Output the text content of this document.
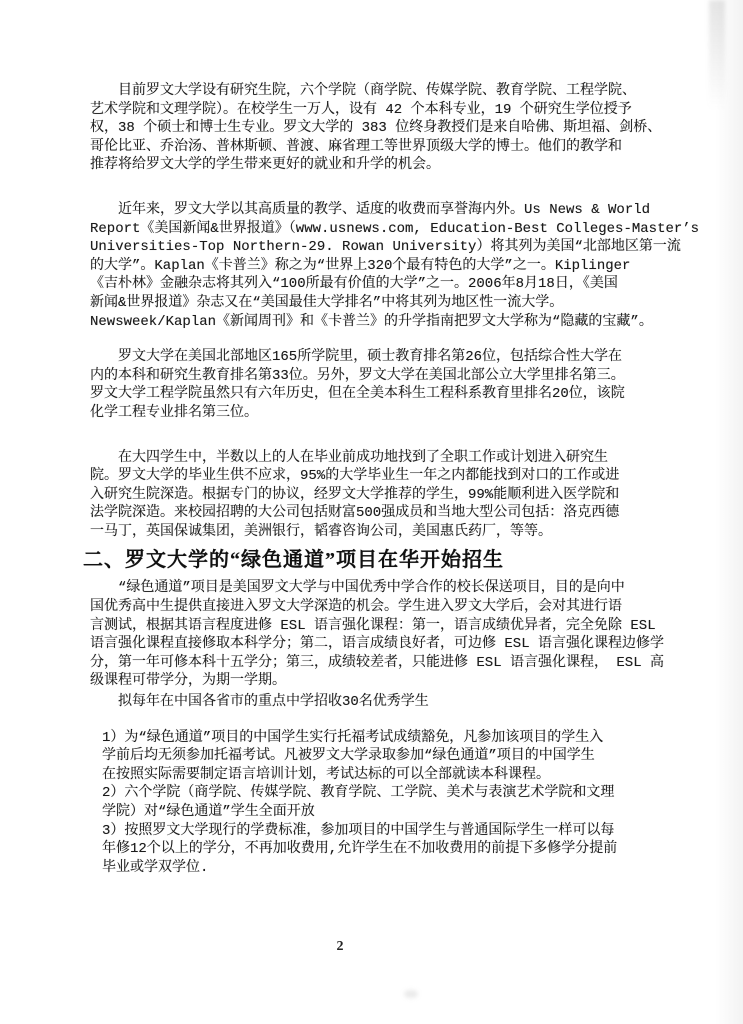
目前罗文大学设有研究生院，六个学院（商学院、传媒学院、教育学院、工程学院、
艺术学院和文理学院）。在校学生一万人，设有 42 个本科专业，19 个研究生学位授予
权，38 个硕士和博士生专业。罗文大学的 383 位终身教授们是来自哈佛、斯坦福、剑桥、
哥伦比亚、乔治汤、普林斯顿、普渡、麻省理工等世界顶级大学的博士。他们的教学和
推荐将给罗文大学的学生带来更好的就业和升学的机会。
近年来，罗文大学以其高质量的教学、适度的收费而享誉海内外。Us News & World
Report《美国新闻&世界报道》（www.usnews.com, Education-Best Colleges-Master’s
Universities-Top Northern-29. Rowan University）将其列为美国“北部地区第一流
的大学”。Kaplan《卡普兰》称之为“世界上320个最有特色的大学”之一。Kiplinger
《吉朴林》金融杂志将其列入“100所最有价值的大学”之一。2006年8月18日，《美国
新闻&世界报道》杂志又在“美国最佳大学排名”中将其列为地区性一流大学。
Newsweek/Kaplan《新闻周刊》和《卡普兰》的升学指南把罗文大学称为“隐藏的宝藏”。
罗文大学在美国北部地区165所学院里，硕士教育排名第26位，包括综合性大学在
内的本科和研究生教育排名第33位。另外，罗文大学在美国北部公立大学里排名第三。
罗文大学工程学院虽然只有六年历史，但在全美本科生工程科系教育里排名20位，该院
化学工程专业排名第三位。
在大四学生中，半数以上的人在毕业前成功地找到了全职工作或计划进入研究生
院。罗文大学的毕业生供不应求，95%的大学毕业生一年之内都能找到对口的工作或进
入研究生院深造。根据专门的协议，经罗文大学推荐的学生，99%能顺利进入医学院和
法学院深造。来校园招聘的大公司包括财富500强成员和当地大型公司包括：洛克西德
一马丁，英国保诚集团，美洲银行，韬睿咨询公司，美国惠氏药厂，等等。
二、罗文大学的“绿色通道”项目在华开始招生
“绿色通道”项目是美国罗文大学与中国优秀中学合作的校长保送项目，目的是向中
国优秀高中生提供直接进入罗文大学深造的机会。学生进入罗文大学后，会对其进行语
言测试，根据其语言程度进修 ESL 语言强化课程：第一，语言成绩优异者，完全免除 ESL
语言强化课程直接修取本科学分；第二，语言成绩良好者，可边修 ESL 语言强化课程边修学
分，第一年可修本科十五学分；第三，成绩较差者，只能进修 ESL 语言强化课程， ESL 高
级课程可带学分，为期一学期。
拟每年在中国各省市的重点中学招收30名优秀学生
1）为“绿色通道”项目的中国学生实行托福考试成绩豁免，凡参加该项目的学生入
学前后均无须参加托福考试。凡被罗文大学录取参加“绿色通道”项目的中国学生
在按照实际需要制定语言培训计划，考试达标的可以全部就读本科课程。
2）六个学院（商学院、传媒学院、教育学院、工学院、美术与表演艺术学院和文理
学院）对“绿色通道”学生全面开放
3）按照罗文大学现行的学费标准，参加项目的中国学生与普通国际学生一样可以每
年修12个以上的学分，不再加收费用,允许学生在不加收费用的前提下多修学分提前
毕业或学双学位.
2
